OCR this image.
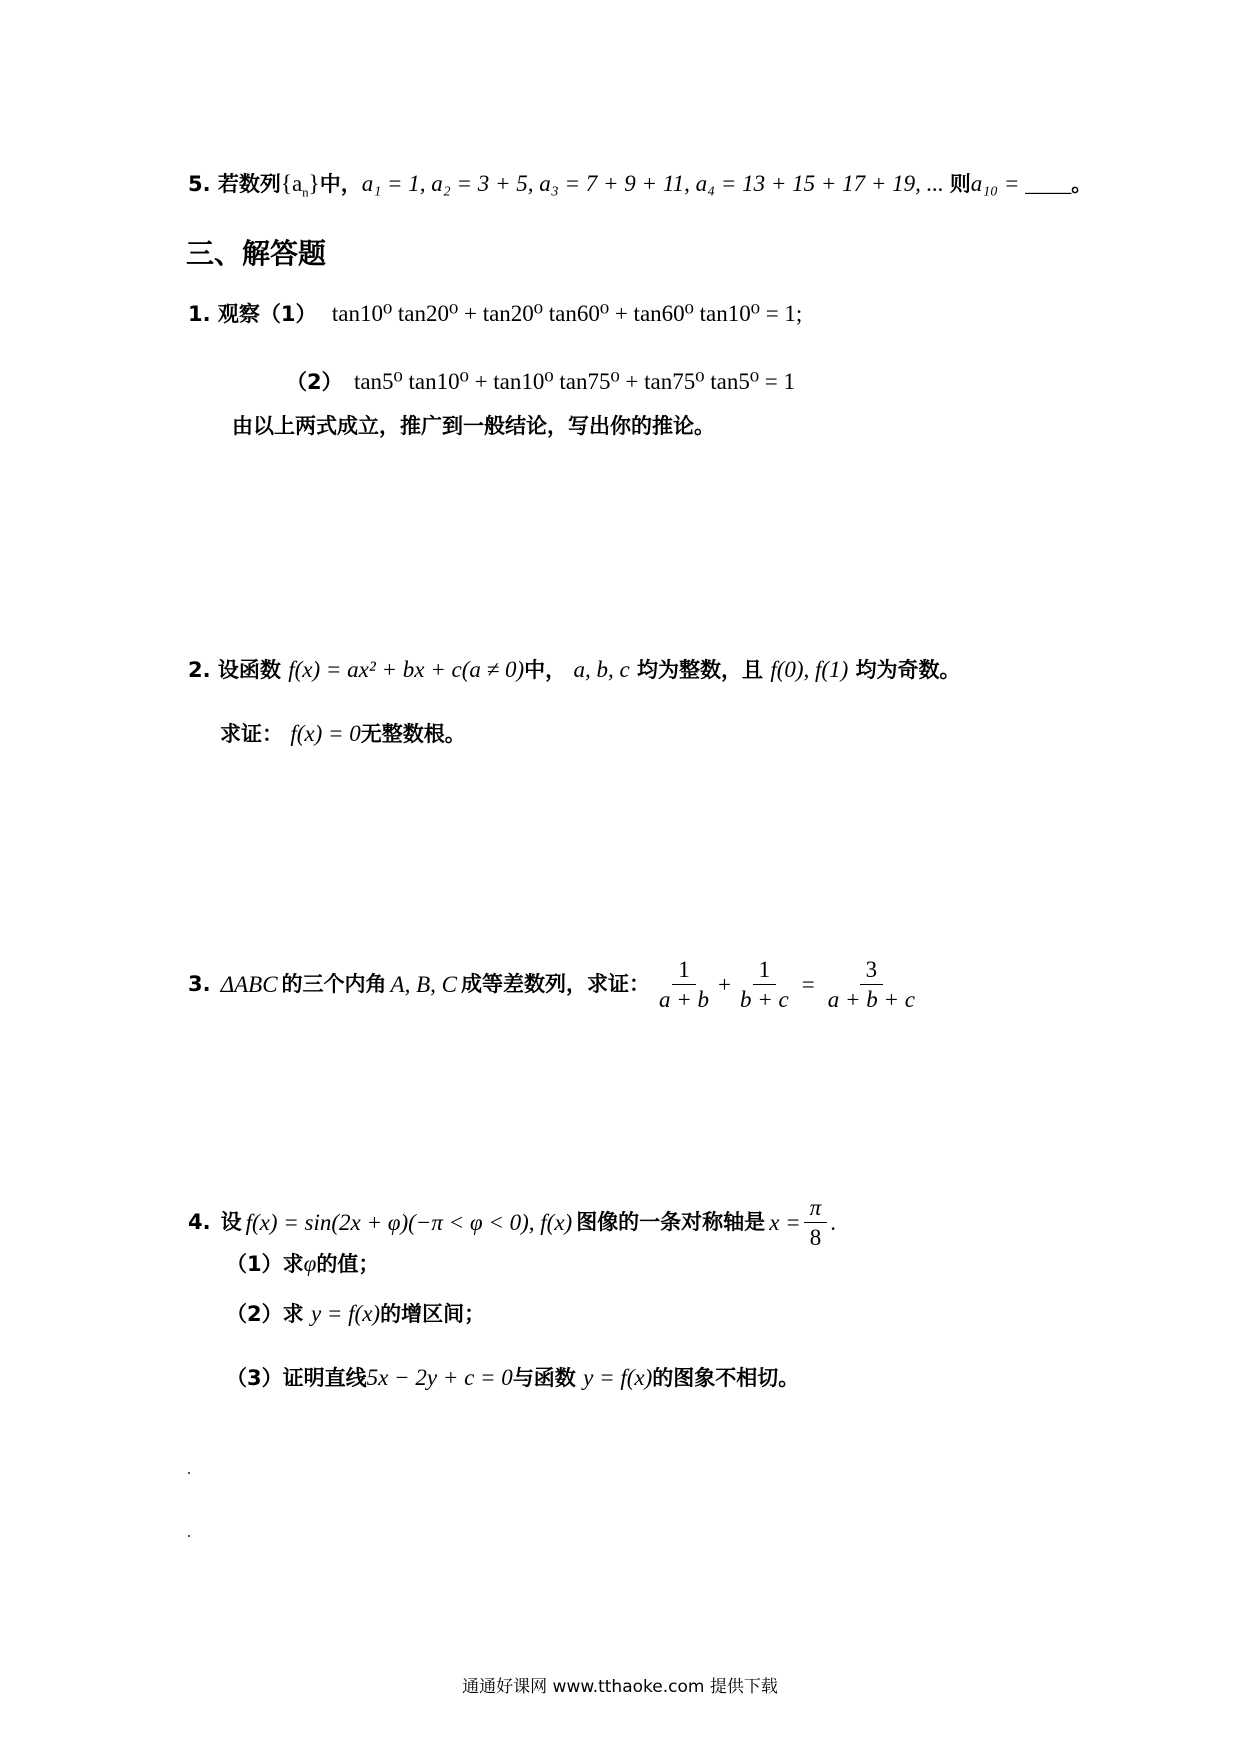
5. 若数列$\{a_n\}$中，a₁ = 1, a₂ = 3 + 5, a₃ = 7 + 9 + 11, a₄ = 13 + 15 + 17 + 19, ... 则a₁₀ = ____。
三、解答题
1. 观察（1） tan10⁰ tan20⁰ + tan20⁰ tan60⁰ + tan60⁰ tan10⁰ = 1;
（2） tan5⁰ tan10⁰ + tan10⁰ tan75⁰ + tan75⁰ tan5⁰ = 1
由以上两式成立，推广到一般结论，写出你的推论。
2. 设函数 f(x) = ax² + bx + c(a ≠ 0)中， a, b, c 均为整数，且 f(0), f(1) 均为奇数。
求证： f(x) = 0无整数根。
3. ΔABC 的三个内角 A, B, C 成等差数列，求证： $\frac{1}{a + b} + \frac{1}{b + c} = \frac{3}{a + b + c}$
4. 设 f(x) = sin(2x + φ)(−π < φ < 0), f(x) 图像的一条对称轴是 $x = \frac{\pi}{8}$ .
（1）求φ的值；
（2）求 y = f(x)的增区间；
（3）证明直线5x − 2y + c = 0与函数 y = f(x)的图象不相切。
通通好课网 www.tthaoke.com 提供下载
